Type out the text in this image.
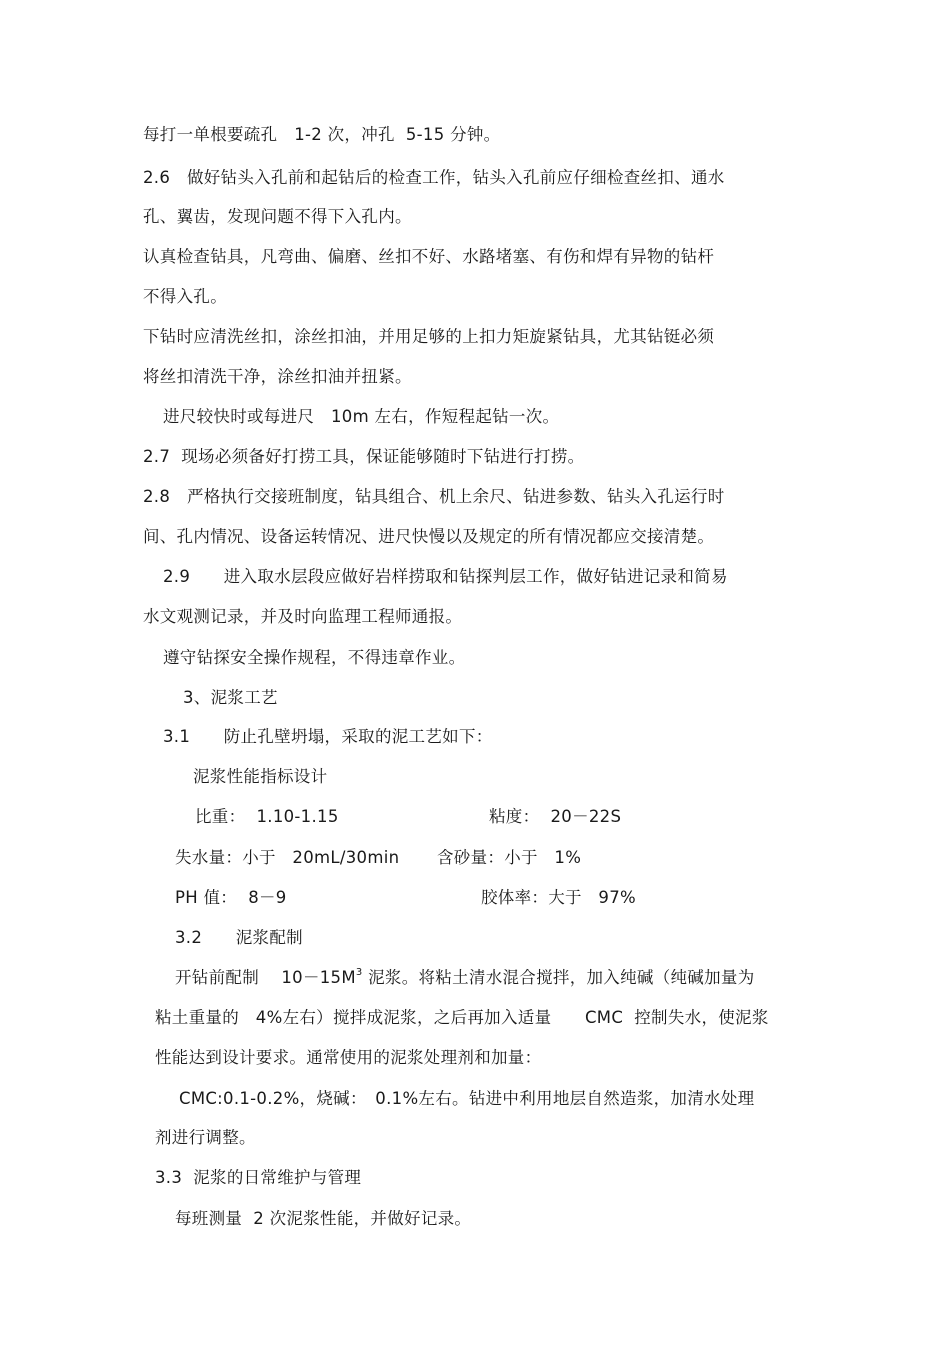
每打一单根要疏孔　1-2 次，冲孔  5-15 分钟。
2.6　做好钻头入孔前和起钻后的检查工作，钻头入孔前应仔细检查丝扣、通水
孔、翼齿，发现问题不得下入孔内。
认真检查钻具，凡弯曲、偏磨、丝扣不好、水路堵塞、有伤和焊有异物的钻杆
不得入孔。
下钻时应清洗丝扣，涂丝扣油，并用足够的上扣力矩旋紧钻具，尤其钻铤必须
将丝扣清洗干净，涂丝扣油并扭紧。
进尺较快时或每进尺　10m 左右，作短程起钻一次。
2.7  现场必须备好打捞工具，保证能够随时下钻进行打捞。
2.8　严格执行交接班制度，钻具组合、机上余尺、钻进参数、钻头入孔运行时
间、孔内情况、设备运转情况、进尺快慢以及规定的所有情况都应交接清楚。
2.9　　进入取水层段应做好岩样捞取和钻探判层工作，做好钻进记录和简易
水文观测记录，并及时向监理工程师通报。
遵守钻探安全操作规程，不得违章作业。
3、泥浆工艺
3.1　　防止孔壁坍塌，采取的泥工艺如下：
泥浆性能指标设计
比重：  1.10-1.15	粘度：  20－22S
失水量：小于   20mL/30min 含砂量：小于   1%
PH 值：  8－9	胶体率：大于   97%
3.2　　泥浆配制
开钻前配制　 $10-15M^3$ 泥浆。将粘土清水混合搅拌，加入纯碱（纯碱加量为
粘土重量的　4%左右）搅拌成泥浆，之后再加入适量　　CMC  控制失水，使泥浆
性能达到设计要求。通常使用的泥浆处理剂和加量：
CMC:0.1-0.2%，烧碱：　0.1%左右。钻进中利用地层自然造浆，加清水处理
剂进行调整。
3.3  泥浆的日常维护与管理
每班测量  2 次泥浆性能，并做好记录。
